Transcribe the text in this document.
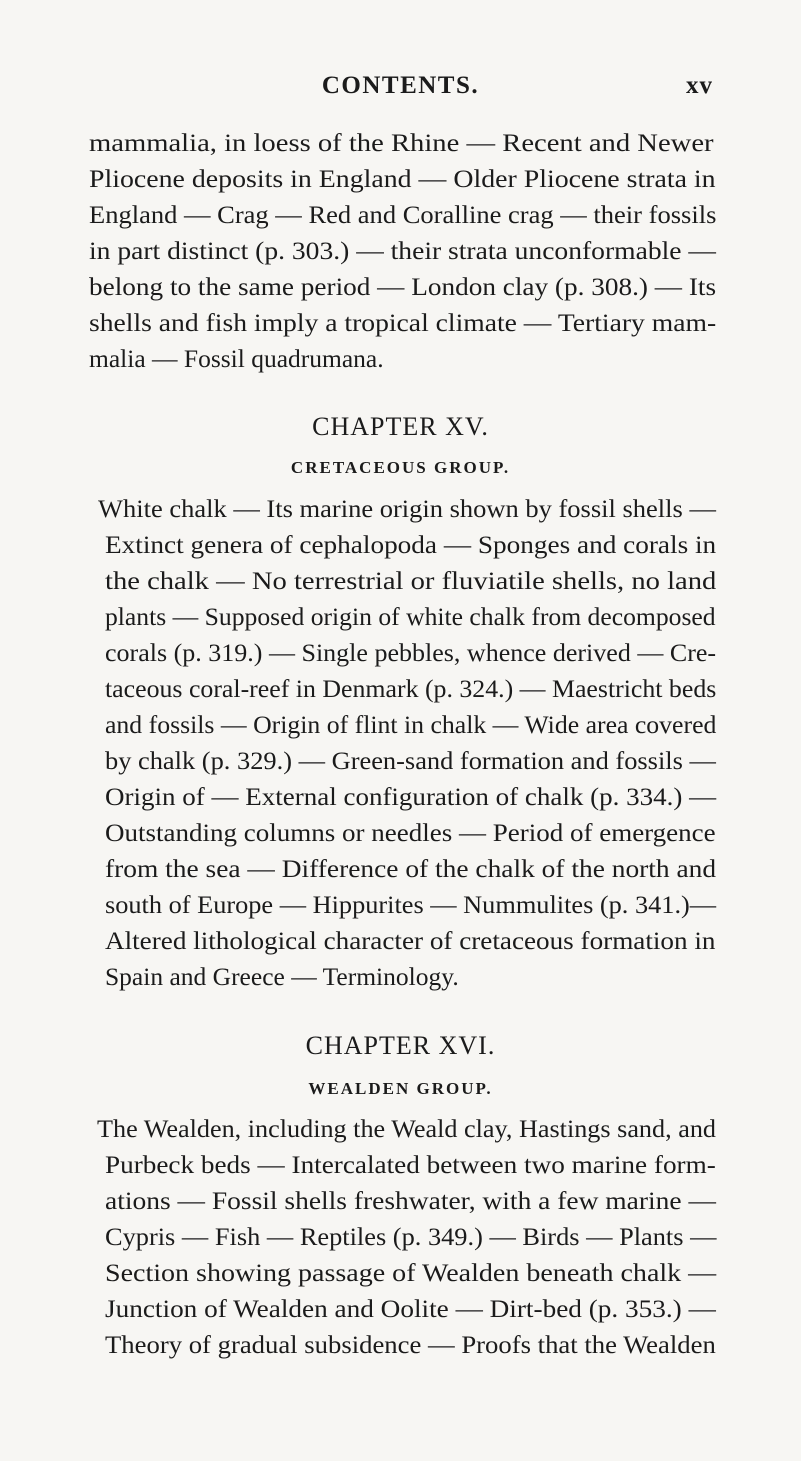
CONTENTS.	xv
mammalia, in loess of the Rhine — Recent and Newer
Pliocene deposits in England — Older Pliocene strata in
England — Crag — Red and Coralline crag — their fossils
in part distinct (p. 303.) — their strata unconformable —
belong to the same period — London clay (p. 308.) — Its
shells and fish imply a tropical climate — Tertiary mam-
malia — Fossil quadrumana.
CHAPTER XV.
CRETACEOUS GROUP.
White chalk — Its marine origin shown by fossil shells —
Extinct genera of cephalopoda — Sponges and corals in
the chalk — No terrestrial or fluviatile shells, no land
plants — Supposed origin of white chalk from decomposed
corals (p. 319.) — Single pebbles, whence derived — Cre-
taceous coral-reef in Denmark (p. 324.) — Maestricht beds
and fossils — Origin of flint in chalk — Wide area covered
by chalk (p. 329.) — Green-sand formation and fossils —
Origin of — External configuration of chalk (p. 334.) —
Outstanding columns or needles — Period of emergence
from the sea — Difference of the chalk of the north and
south of Europe — Hippurites — Nummulites (p. 341.)—
Altered lithological character of cretaceous formation in
Spain and Greece — Terminology.
CHAPTER XVI.
WEALDEN GROUP.
The Wealden, including the Weald clay, Hastings sand, and
Purbeck beds — Intercalated between two marine form-
ations — Fossil shells freshwater, with a few marine —
Cypris — Fish — Reptiles (p. 349.) — Birds — Plants —
Section showing passage of Wealden beneath chalk —
Junction of Wealden and Oolite — Dirt-bed (p. 353.) —
Theory of gradual subsidence — Proofs that the Wealden
